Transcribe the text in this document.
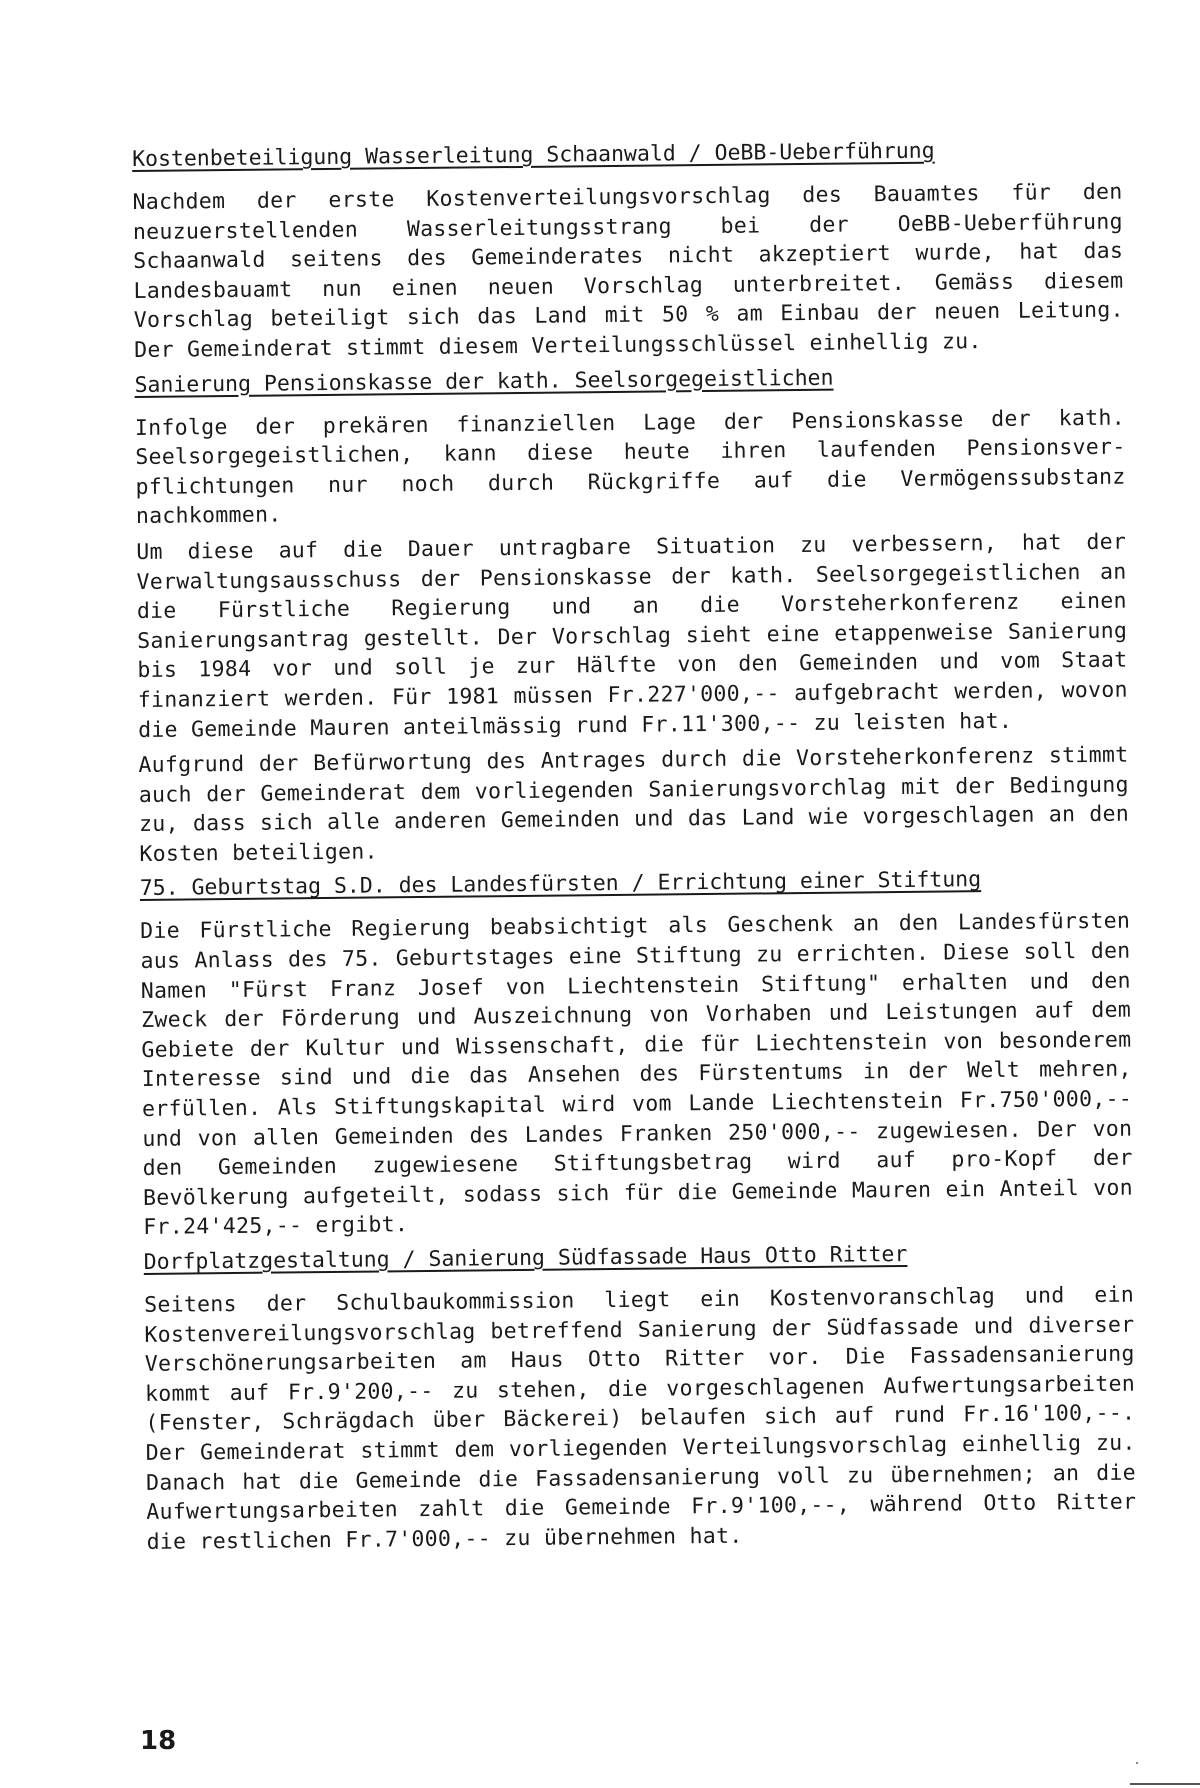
Kostenbeteiligung Wasserleitung Schaanwald / OeBB-Ueberführung

Nachdem der erste Kostenverteilungsvorschlag des Bauamtes für den neuzuerstellenden Wasserleitungsstrang bei der OeBB-Ueberführung Schaanwald seitens des Gemeinderates nicht akzeptiert wurde, hat das Landesbauamt nun einen neuen Vorschlag unterbreitet. Gemäss diesem Vorschlag beteiligt sich das Land mit 50 % am Einbau der neuen Leitung. Der Gemeinderat stimmt diesem Verteilungsschlüssel einhellig zu.

Sanierung Pensionskasse der kath. Seelsorgegeistlichen

Infolge der prekären finanziellen Lage der Pensionskasse der kath. Seelsorgegeistlichen, kann diese heute ihren laufenden Pensionsverpflichtungen nur noch durch Rückgriffe auf die Vermögenssubstanz nachkommen.

Um diese auf die Dauer untragbare Situation zu verbessern, hat der Verwaltungsausschuss der Pensionskasse der kath. Seelsorgegeistlichen an die Fürstliche Regierung und an die Vorsteherkonferenz einen Sanierungsantrag gestellt. Der Vorschlag sieht eine etappenweise Sanierung bis 1984 vor und soll je zur Hälfte von den Gemeinden und vom Staat finanziert werden. Für 1981 müssen Fr.227'000,-- aufgebracht werden, wovon die Gemeinde Mauren anteilmässig rund Fr.11'300,-- zu leisten hat.

Aufgrund der Befürwortung des Antrages durch die Vorsteherkonferenz stimmt auch der Gemeinderat dem vorliegenden Sanierungsvorchlag mit der Bedingung zu, dass sich alle anderen Gemeinden und das Land wie vorgeschlagen an den Kosten beteiligen.

75. Geburtstag S.D. des Landesfürsten / Errichtung einer Stiftung

Die Fürstliche Regierung beabsichtigt als Geschenk an den Landesfürsten aus Anlass des 75. Geburtstages eine Stiftung zu errichten. Diese soll den Namen "Fürst Franz Josef von Liechtenstein Stiftung" erhalten und den Zweck der Förderung und Auszeichnung von Vorhaben und Leistungen auf dem Gebiete der Kultur und Wissenschaft, die für Liechtenstein von besonderem Interesse sind und die das Ansehen des Fürstentums in der Welt mehren, erfüllen. Als Stiftungskapital wird vom Lande Liechtenstein Fr.750'000,-- und von allen Gemeinden des Landes Franken 250'000,-- zugewiesen. Der von den Gemeinden zugewiesene Stiftungsbetrag wird auf pro-Kopf der Bevölkerung aufgeteilt, sodass sich für die Gemeinde Mauren ein Anteil von Fr.24'425,-- ergibt.

Dorfplatzgestaltung / Sanierung Südfassade Haus Otto Ritter

Seitens der Schulbaukommission liegt ein Kostenvoranschlag und ein Kostenvereilungsvorschlag betreffend Sanierung der Südfassade und diverser Verschönerungsarbeiten am Haus Otto Ritter vor. Die Fassadensanierung kommt auf Fr.9'200,-- zu stehen, die vorgeschlagenen Aufwertungsarbeiten (Fenster, Schrägdach über Bäckerei) belaufen sich auf rund Fr.16'100,--. Der Gemeinderat stimmt dem vorliegenden Verteilungsvorschlag einhellig zu. Danach hat die Gemeinde die Fassadensanierung voll zu übernehmen; an die Aufwertungsarbeiten zahlt die Gemeinde Fr.9'100,--, während Otto Ritter die restlichen Fr.7'000,-- zu übernehmen hat.

18
